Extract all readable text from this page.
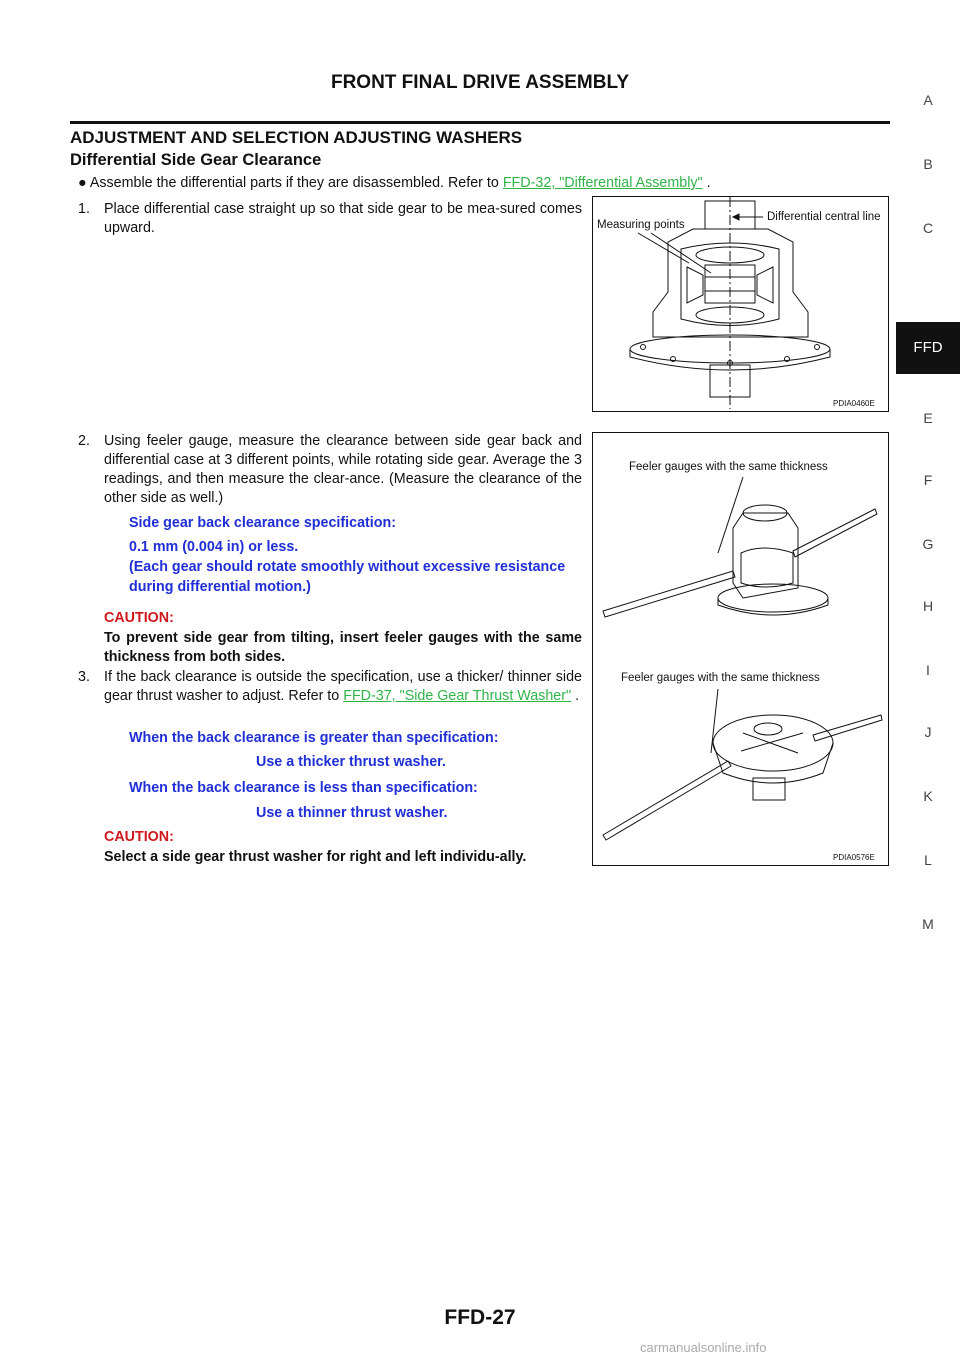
FRONT FINAL DRIVE ASSEMBLY
ADJUSTMENT AND SELECTION ADJUSTING WASHERS
Differential Side Gear Clearance
● Assemble the differential parts if they are disassembled. Refer to FFD-32, "Differential Assembly" .
1. Place differential case straight up so that side gear to be mea-sured comes upward.	Measuring points
Differential central line
PDIA0460E
2. Using feeler gauge, measure the clearance between side gear back and differential case at 3 different points, while rotating side gear. Average the 3 readings, and then measure the clear-ance. (Measure the clearance of the other side as well.)
Side gear back clearance specification:
0.1 mm (0.004 in) or less.
(Each gear should rotate smoothly without excessive resistance during differential motion.)
CAUTION:
To prevent side gear from tilting, insert feeler gauges with the same thickness from both sides.
3. If the back clearance is outside the specification, use a thicker/ thinner side gear thrust washer to adjust. Refer to FFD-37, "Side Gear Thrust Washer" .
When the back clearance is greater than specification:
Use a thicker thrust washer.
When the back clearance is less than specification:
Use a thinner thrust washer.
CAUTION:
Select a side gear thrust washer for right and left individu-ally.
Feeler gauges with the same thickness
Feeler gauges with the same thickness
PDIA0576E
A
B
C
FFD
E
F
G
H
I
J
K
L
M
FFD-27
carmanualsonline.info
